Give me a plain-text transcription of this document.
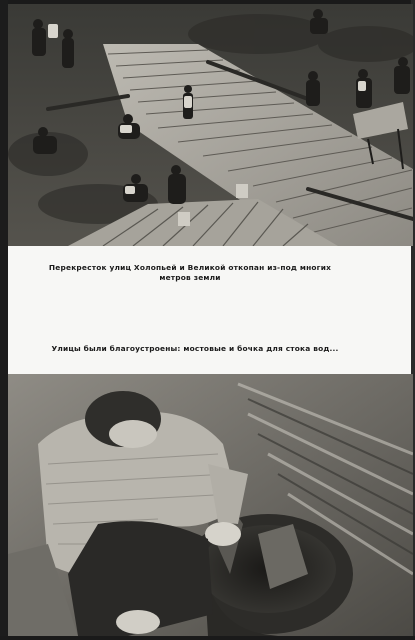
Перекресток улиц Холопьей и Великой откопан из-под многих
метров земли
Улицы были благоустроены: мостовые и бочка для стока вод...
